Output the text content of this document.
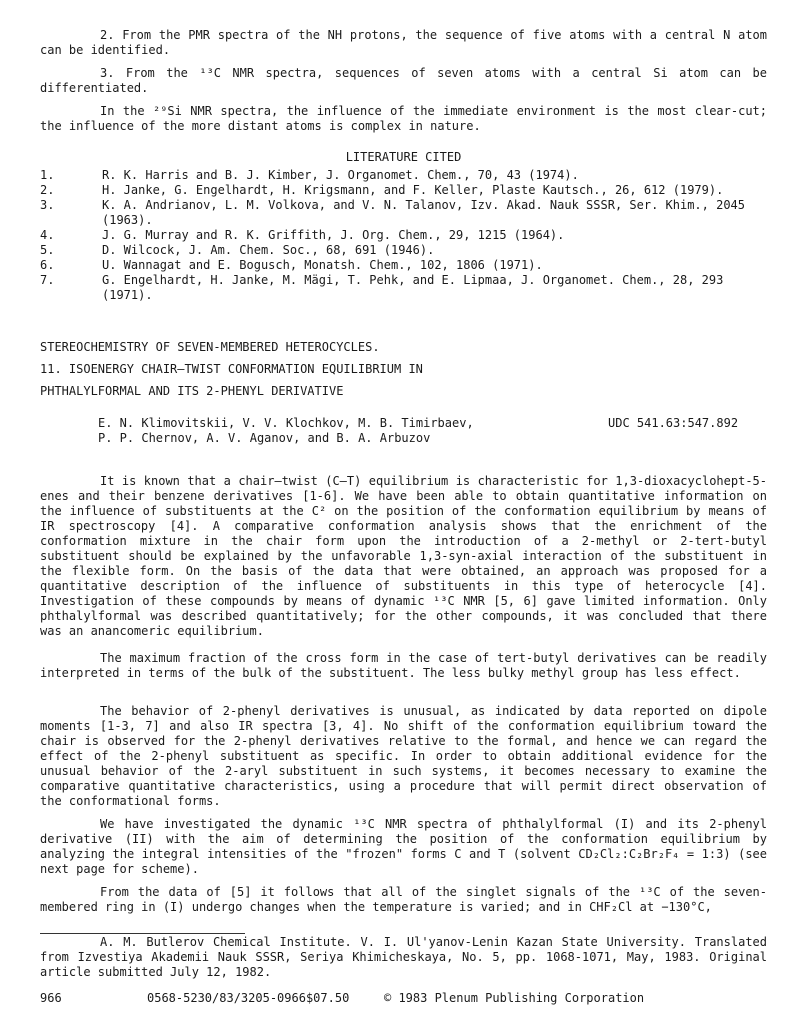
2. From the PMR spectra of the NH protons, the sequence of five atoms with a central N atom can be identified.

3. From the ¹³C NMR spectra, sequences of seven atoms with a central Si atom can be differentiated.

In the ²⁹Si NMR spectra, the influence of the immediate environment is the most clear-cut; the influence of the more distant atoms is complex in nature.

LITERATURE CITED
1.	R. K. Harris and B. J. Kimber, J. Organomet. Chem., 70, 43 (1974).
2.	H. Janke, G. Engelhardt, H. Krigsmann, and F. Keller, Plaste Kautsch., 26, 612 (1979).
3.	K. A. Andrianov, L. M. Volkova, and V. N. Talanov, Izv. Akad. Nauk SSSR, Ser. Khim., 2045 (1963).
4.	J. G. Murray and R. K. Griffith, J. Org. Chem., 29, 1215 (1964).
5.	D. Wilcock, J. Am. Chem. Soc., 68, 691 (1946).
6.	U. Wannagat and E. Bogusch, Monatsh. Chem., 102, 1806 (1971).
7.	G. Engelhardt, H. Janke, M. Mägi, T. Pehk, and E. Lipmaa, J. Organomet. Chem., 28, 293 (1971).
STEREOCHEMISTRY OF SEVEN-MEMBERED HETEROCYCLES.
11. ISOENERGY CHAIR–TWIST CONFORMATION EQUILIBRIUM IN
PHTHALYLFORMAL AND ITS 2-PHENYL DERIVATIVE
E. N. Klimovitskii, V. V. Klochkov, M. B. Timirbaev,
P. P. Chernov, A. V. Aganov, and B. A. Arbuzov
UDC 541.63:547.892

It is known that a chair–twist (C–T) equilibrium is characteristic for 1,3-dioxacyclohept-5-enes and their benzene derivatives [1-6]. We have been able to obtain quantitative information on the influence of substituents at the C² on the position of the conformation equilibrium by means of IR spectroscopy [4]. A comparative conformation analysis shows that the enrichment of the conformation mixture in the chair form upon the introduction of a 2-methyl or 2-tert-butyl substituent should be explained by the unfavorable 1,3-syn-axial interaction of the substituent in the flexible form. On the basis of the data that were obtained, an approach was proposed for a quantitative description of the influence of substituents in this type of heterocycle [4]. Investigation of these compounds by means of dynamic ¹³C NMR [5, 6] gave limited information. Only phthalylformal was described quantitatively; for the other compounds, it was concluded that there was an anancomeric equilibrium.

The maximum fraction of the cross form in the case of tert-butyl derivatives can be readily interpreted in terms of the bulk of the substituent. The less bulky methyl group has less effect.

The behavior of 2-phenyl derivatives is unusual, as indicated by data reported on dipole moments [1-3, 7] and also IR spectra [3, 4]. No shift of the conformation equilibrium toward the chair is observed for the 2-phenyl derivatives relative to the formal, and hence we can regard the effect of the 2-phenyl substituent as specific. In order to obtain additional evidence for the unusual behavior of the 2-aryl substituent in such systems, it becomes necessary to examine the comparative quantitative characteristics, using a procedure that will permit direct observation of the conformational forms.

We have investigated the dynamic ¹³C NMR spectra of phthalylformal (I) and its 2-phenyl derivative (II) with the aim of determining the position of the conformation equilibrium by analyzing the integral intensities of the "frozen" forms C and T (solvent CD₂Cl₂:C₂Br₂F₄ = 1:3) (see next page for scheme).

From the data of [5] it follows that all of the singlet signals of the ¹³C of the seven-membered ring in (I) undergo changes when the temperature is varied; and in CHF₂Cl at −130°C,

A. M. Butlerov Chemical Institute. V. I. Ul'yanov-Lenin Kazan State University. Translated from Izvestiya Akademii Nauk SSSR, Seriya Khimicheskaya, No. 5, pp. 1068-1071, May, 1983. Original article submitted July 12, 1982.

966	0568-5230/83/3205-0966$07.50	© 1983 Plenum Publishing Corporation
